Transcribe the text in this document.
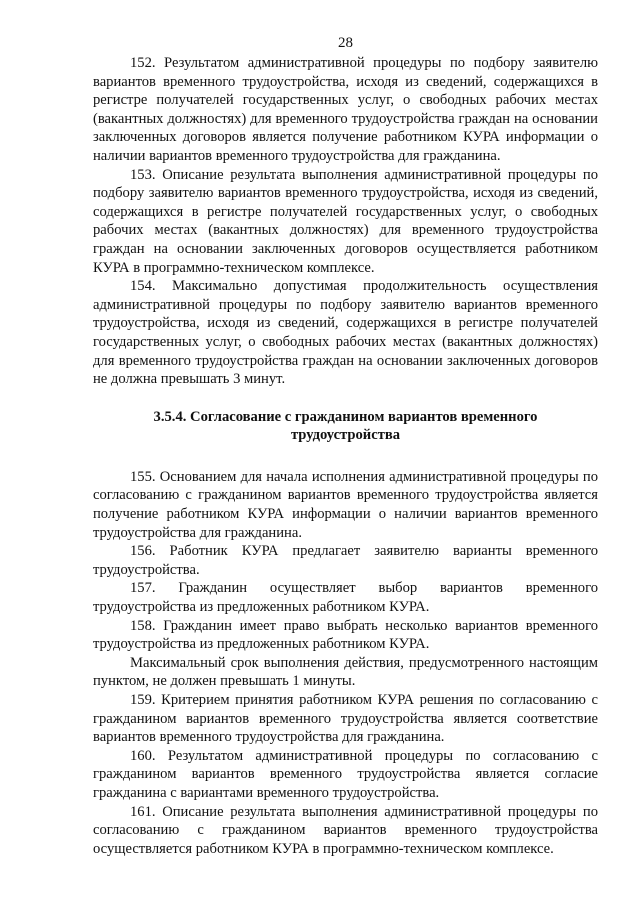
28

152. Результатом административной процедуры по подбору заявителю вариантов временного трудоустройства, исходя из сведений, содержащихся в регистре получателей государственных услуг, о свободных рабочих местах (вакантных должностях) для временного трудоустройства граждан на основании заключенных договоров является получение работником КУРА информации о наличии вариантов временного трудоустройства для гражданина.

153. Описание результата выполнения административной процедуры по подбору заявителю вариантов временного трудоустройства, исходя из сведений, содержащихся в регистре получателей государственных услуг, о свободных рабочих местах (вакантных должностях) для временного трудоустройства граждан на основании заключенных договоров осуществляется работником КУРА в программно-техническом комплексе.

154. Максимально допустимая продолжительность осуществления административной процедуры по подбору заявителю вариантов временного трудоустройства, исходя из сведений, содержащихся в регистре получателей государственных услуг, о свободных рабочих местах (вакантных должностях) для временного трудоустройства граждан на основании заключенных договоров не должна превышать 3 минут.

3.5.4. Согласование с гражданином вариантов временного трудоустройства

155. Основанием для начала исполнения административной процедуры по согласованию с гражданином вариантов временного трудоустройства является получение работником КУРА информации о наличии вариантов временного трудоустройства для гражданина.

156. Работник КУРА предлагает заявителю варианты временного трудоустройства.

157. Гражданин осуществляет выбор вариантов временного трудоустройства из предложенных работником КУРА.

158. Гражданин имеет право выбрать несколько вариантов временного трудоустройства из предложенных работником КУРА.

Максимальный срок выполнения действия, предусмотренного настоящим пунктом, не должен превышать 1 минуты.

159. Критерием принятия работником КУРА решения по согласованию с гражданином вариантов временного трудоустройства является соответствие вариантов временного трудоустройства для гражданина.

160. Результатом административной процедуры по согласованию с гражданином вариантов временного трудоустройства является согласие гражданина с вариантами временного трудоустройства.

161. Описание результата выполнения административной процедуры по согласованию с гражданином вариантов временного трудоустройства осуществляется работником КУРА в программно-техническом комплексе.
